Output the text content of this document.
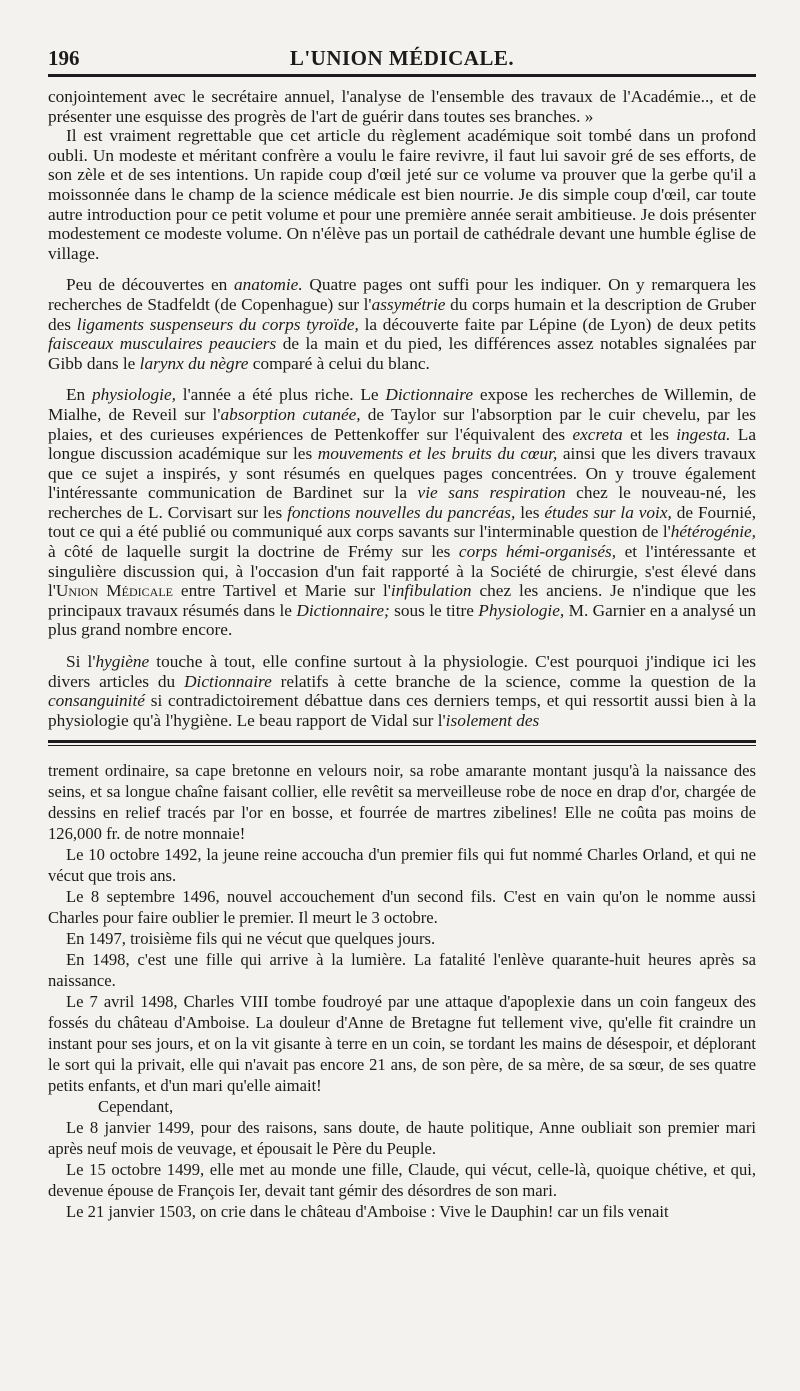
196	L'UNION MÉDICALE.

conjointement avec le secrétaire annuel, l'analyse de l'ensemble des travaux de l'Académie.., et de présenter une esquisse des progrès de l'art de guérir dans toutes ses branches. »

Il est vraiment regrettable que cet article du règlement académique soit tombé dans un profond oubli. Un modeste et méritant confrère a voulu le faire revivre, il faut lui savoir gré de ses efforts, de son zèle et de ses intentions. Un rapide coup d'œil jeté sur ce volume va prouver que la gerbe qu'il a moissonnée dans le champ de la science médicale est bien nourrie. Je dis simple coup d'œil, car toute autre introduction pour ce petit volume et pour une première année serait ambitieuse. Je dois présenter modestement ce modeste volume. On n'élève pas un portail de cathédrale devant une humble église de village.

Peu de découvertes en anatomie. Quatre pages ont suffi pour les indiquer. On y remarquera les recherches de Stadfeldt (de Copenhague) sur l'assymétrie du corps humain et la description de Gruber des ligaments suspenseurs du corps tyroïde, la découverte faite par Lépine (de Lyon) de deux petits faisceaux musculaires peauciers de la main et du pied, les différences assez notables signalées par Gibb dans le larynx du nègre comparé à celui du blanc.

En physiologie, l'année a été plus riche. Le Dictionnaire expose les recherches de Willemin, de Mialhe, de Reveil sur l'absorption cutanée, de Taylor sur l'absorption par le cuir chevelu, par les plaies, et des curieuses expériences de Pettenkoffer sur l'équivalent des excreta et les ingesta. La longue discussion académique sur les mouvements et les bruits du cœur, ainsi que les divers travaux que ce sujet a inspirés, y sont résumés en quelques pages concentrées. On y trouve également l'intéressante communication de Bardinet sur la vie sans respiration chez le nouveau-né, les recherches de L. Corvisart sur les fonctions nouvelles du pancréas, les études sur la voix, de Fournié, tout ce qui a été publié ou communiqué aux corps savants sur l'interminable question de l'hétérogénie, à côté de laquelle surgit la doctrine de Frémy sur les corps hémi-organisés, et l'intéressante et singulière discussion qui, à l'occasion d'un fait rapporté à la Société de chirurgie, s'est élevé dans l'Union Médicale entre Tartivel et Marie sur l'infibulation chez les anciens. Je n'indique que les principaux travaux résumés dans le Dictionnaire; sous le titre Physiologie, M. Garnier en a analysé un plus grand nombre encore.

Si l'hygiène touche à tout, elle confine surtout à la physiologie. C'est pourquoi j'indique ici les divers articles du Dictionnaire relatifs à cette branche de la science, comme la question de la consanguinité si contradictoirement débattue dans ces derniers temps, et qui ressortit aussi bien à la physiologie qu'à l'hygiène. Le beau rapport de Vidal sur l'isolement des

trement ordinaire, sa cape bretonne en velours noir, sa robe amarante montant jusqu'à la naissance des seins, et sa longue chaîne faisant collier, elle revêtit sa merveilleuse robe de noce en drap d'or, chargée de dessins en relief tracés par l'or en bosse, et fourrée de martres zibelines! Elle ne coûta pas moins de 126,000 fr. de notre monnaie!

Le 10 octobre 1492, la jeune reine accoucha d'un premier fils qui fut nommé Charles Orland, et qui ne vécut que trois ans.

Le 8 septembre 1496, nouvel accouchement d'un second fils. C'est en vain qu'on le nomme aussi Charles pour faire oublier le premier. Il meurt le 3 octobre.

En 1497, troisième fils qui ne vécut que quelques jours.

En 1498, c'est une fille qui arrive à la lumière. La fatalité l'enlève quarante-huit heures après sa naissance.

Le 7 avril 1498, Charles VIII tombe foudroyé par une attaque d'apoplexie dans un coin fangeux des fossés du château d'Amboise. La douleur d'Anne de Bretagne fut tellement vive, qu'elle fit craindre un instant pour ses jours, et on la vit gisante à terre en un coin, se tordant les mains de désespoir, et déplorant le sort qui la privait, elle qui n'avait pas encore 21 ans, de son père, de sa mère, de sa sœur, de ses quatre petits enfants, et d'un mari qu'elle aimait!

Cependant,

Le 8 janvier 1499, pour des raisons, sans doute, de haute politique, Anne oubliait son premier mari après neuf mois de veuvage, et épousait le Père du Peuple.

Le 15 octobre 1499, elle met au monde une fille, Claude, qui vécut, celle-là, quoique chétive, et qui, devenue épouse de François Ier, devait tant gémir des désordres de son mari.

Le 21 janvier 1503, on crie dans le château d'Amboise : Vive le Dauphin! car un fils venait
